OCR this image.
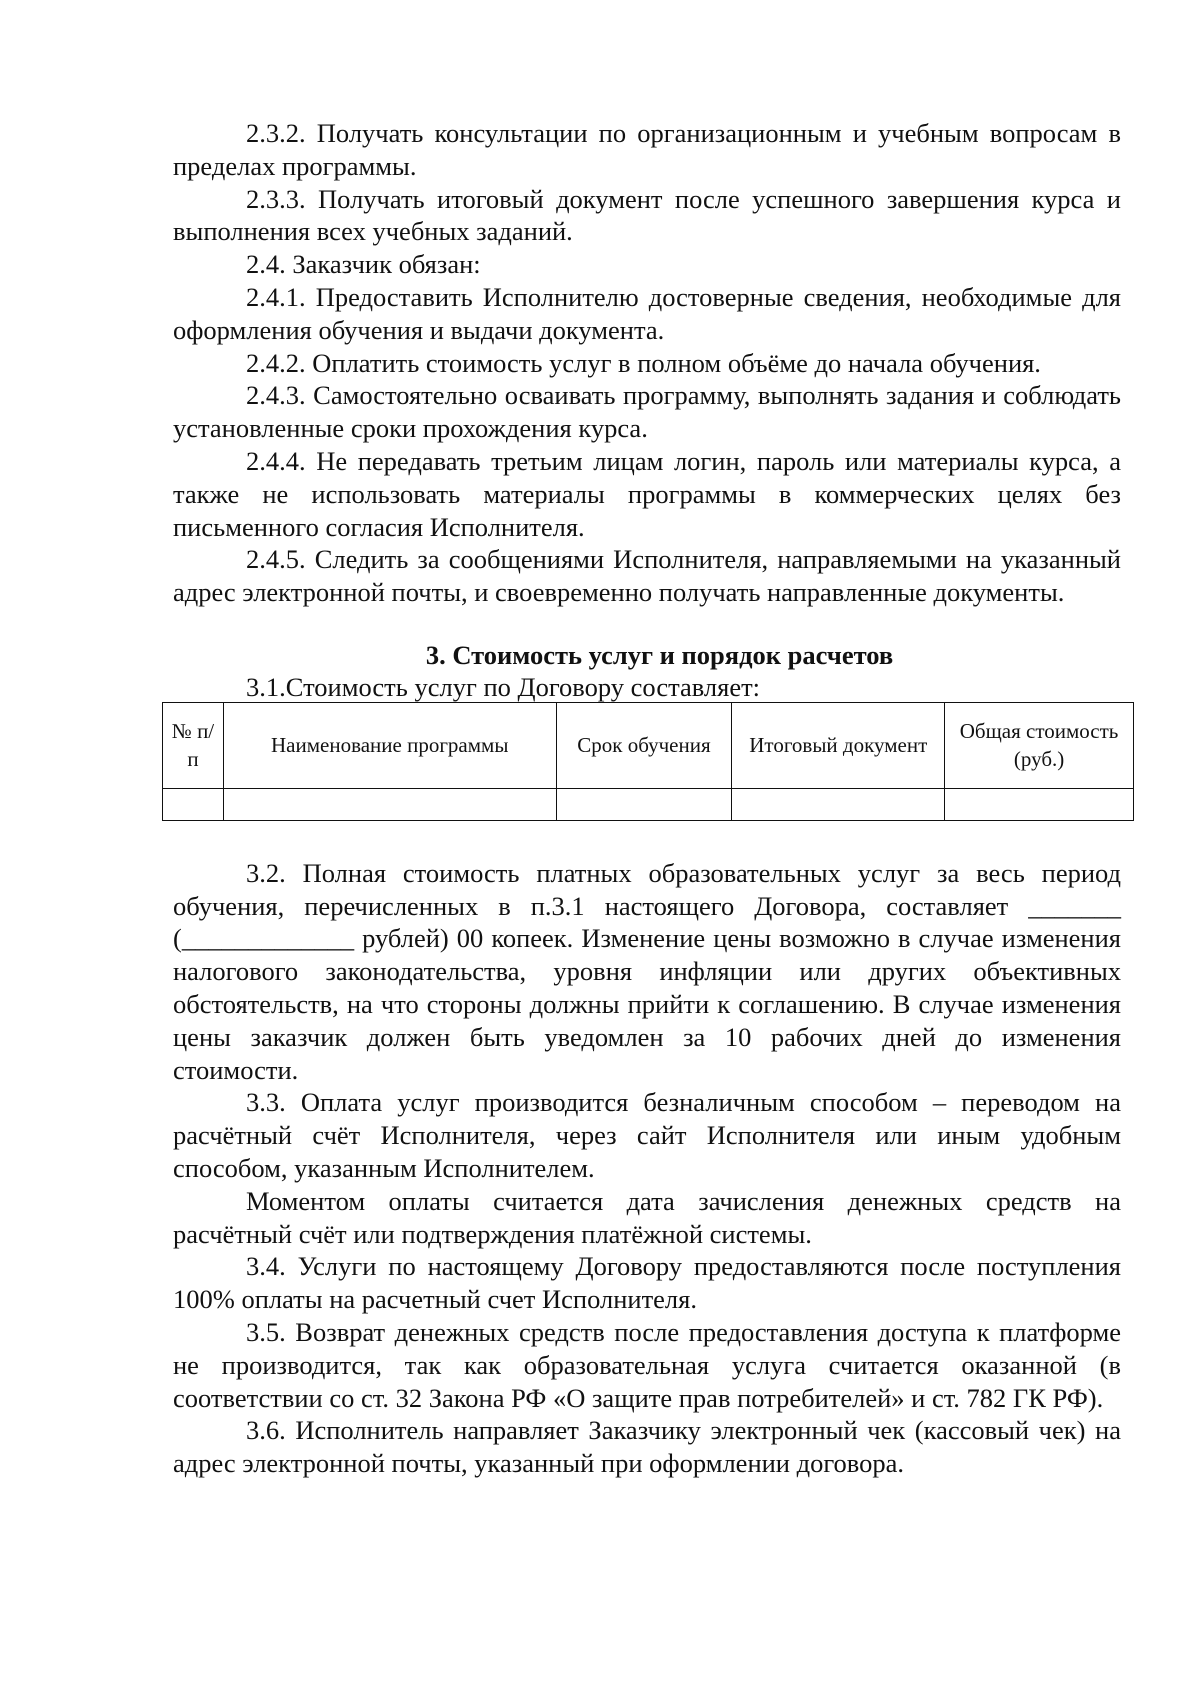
2.3.2. Получать консультации по организационным и учебным вопросам в пределах программы.

2.3.3. Получать итоговый документ после успешного завершения курса и выполнения всех учебных заданий.

2.4. Заказчик обязан:

2.4.1. Предоставить Исполнителю достоверные сведения, необходимые для оформления обучения и выдачи документа.

2.4.2. Оплатить стоимость услуг в полном объёме до начала обучения.

2.4.3. Самостоятельно осваивать программу, выполнять задания и соблюдать установленные сроки прохождения курса.

2.4.4. Не передавать третьим лицам логин, пароль или материалы курса, а также не использовать материалы программы в коммерческих целях без письменного согласия Исполнителя.

2.4.5. Следить за сообщениями Исполнителя, направляемыми на указанный адрес электронной почты, и своевременно получать направленные документы.

3. Стоимость услуг и порядок расчетов

3.1.Стоимость услуг по Договору составляет:

№ п/ п	Наименование программы	Срок обучения	Итоговый документ	Общая стоимость (руб.)

3.2. Полная стоимость платных образовательных услуг за весь период обучения, перечисленных в п.3.1 настоящего Договора, составляет _______ (_____________ рублей) 00 копеек. Изменение цены возможно в случае изменения налогового законодательства, уровня инфляции или других объективных обстоятельств, на что стороны должны прийти к соглашению. В случае изменения цены заказчик должен быть уведомлен за 10 рабочих дней до изменения стоимости.

3.3. Оплата услуг производится безналичным способом – переводом на расчётный счёт Исполнителя, через сайт Исполнителя или иным удобным способом, указанным Исполнителем.

Моментом оплаты считается дата зачисления денежных средств на расчётный счёт или подтверждения платёжной системы.

3.4. Услуги по настоящему Договору предоставляются после поступления 100% оплаты на расчетный счет Исполнителя.

3.5. Возврат денежных средств после предоставления доступа к платформе не производится, так как образовательная услуга считается оказанной (в соответствии со ст. 32 Закона РФ «О защите прав потребителей» и ст. 782 ГК РФ).

3.6. Исполнитель направляет Заказчику электронный чек (кассовый чек) на адрес электронной почты, указанный при оформлении договора.
